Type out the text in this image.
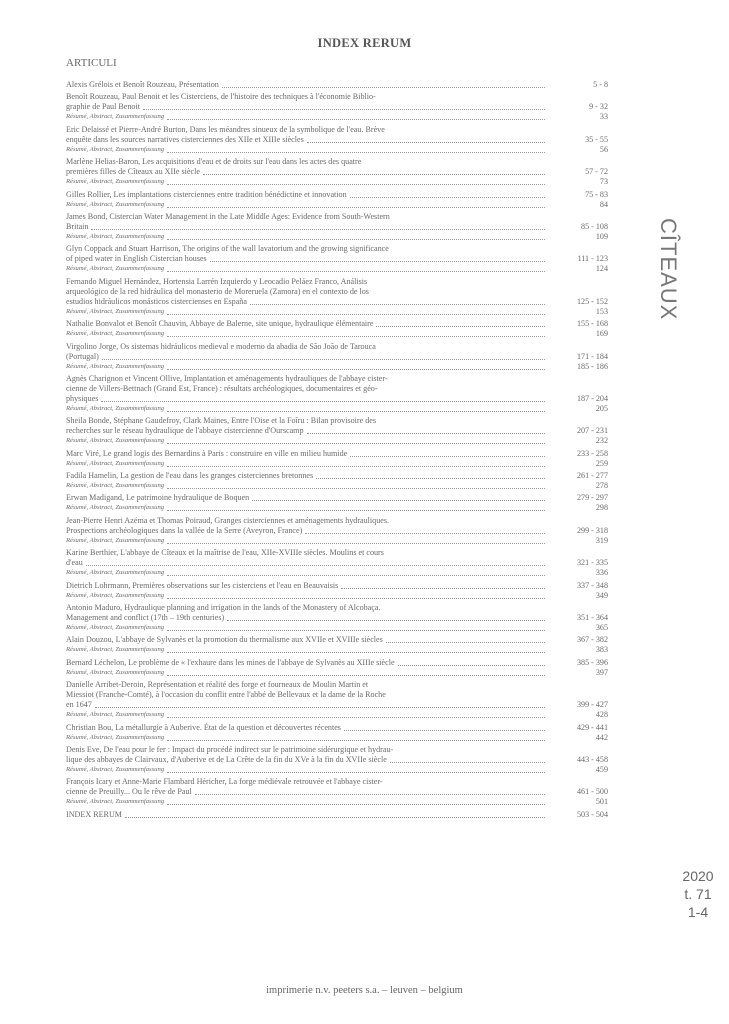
INDEX RERUM
ARTICULI
CÎTEAUX
2020
t. 71
1-4
Alexis Grélois et Benoît Rouzeau, Présentation	5 - 8
Benoît Rouzeau, Paul Benoit et les Cisterciens, de l'histoire des techniques à l'économie Biblio-
graphie de Paul Benoit	9 - 32
Résumé, Abstract, Zusammenfassung	33
Eric Delaissé et Pierre-André Burton, Dans les méandres sinueux de la symbolique de l'eau. Brève
enquête dans les sources narratives cisterciennes des XIIe et XIIIe siècles	35 - 55
Résumé, Abstract, Zusammenfassung	56
Marlène Helias-Baron, Les acquisitions d'eau et de droits sur l'eau dans les actes des quatre
premières filles de Cîteaux au XIIe siècle	57 - 72
Résumé, Abstract, Zusammenfassung	73
Gilles Rollier, Les implantations cisterciennes entre tradition bénédictine et innovation	75 - 83
Résumé, Abstract, Zusammenfassung	84
James Bond, Cistercian Water Management in the Late Middle Ages: Evidence from South-Western
Britain	85 - 108
Résumé, Abstract, Zusammenfassung	109
Glyn Coppack and Stuart Harrison, The origins of the wall lavatorium and the growing significance
of piped water in English Cistercian houses	111 - 123
Résumé, Abstract, Zusammenfassung	124
Fernando Miguel Hernández, Hortensia Larrén Izquierdo y Leocadio Peláez Franco, Análisis
arqueológico de la red hidráulica del monasterio de Moreruela (Zamora) en el contexto de los
estudios hidráulicos monásticos cistercienses en España	125 - 152
Résumé, Abstract, Zusammenfassung	153
Nathalie Bonvalot et Benoît Chauvin, Abbaye de Balerne, site unique, hydraulique élémentaire	155 - 168
Résumé, Abstract, Zusammenfassung	169
Virgolino Jorge, Os sistemas hidráulicos medieval e moderno da abadia de São João de Tarouca
(Portugal)	171 - 184
Résumé, Abstract, Zusammenfassung	185 - 186
Agnès Charignon et Vincent Ollive, Implantation et aménagements hydrauliques de l'abbaye cister-
cienne de Villers-Bettnach (Grand Est, France) : résultats archéologiques, documentaires et géo-
physiques	187 - 204
Résumé, Abstract, Zusammenfassung	205
Sheila Bonde, Stéphane Gaudefroy, Clark Maines, Entre l'Oise et la Foîru : Bilan provisoire des
recherches sur le réseau hydraulique de l'abbaye cistercienne d'Ourscamp	207 - 231
Résumé, Abstract, Zusammenfassung	232
Marc Viré, Le grand logis des Bernardins à Paris : construire en ville en milieu humide	233 - 258
Résumé, Abstract, Zusammenfassung	259
Fadila Hamelin, La gestion de l'eau dans les granges cisterciennes bretonnes	261 - 277
Résumé, Abstract, Zusammenfassung	278
Erwan Madigand, Le patrimoine hydraulique de Boquen	279 - 297
Résumé, Abstract, Zusammenfassung	298
Jean-Pierre Henri Azéma et Thomas Poiraud, Granges cisterciennes et aménagements hydrauliques.
Prospections archéologiques dans la vallée de la Serre (Aveyron, France)	299 - 318
Résumé, Abstract, Zusammenfassung	319
Karine Berthier, L'abbaye de Cîteaux et la maîtrise de l'eau, XIIe-XVIIIe siècles. Moulins et cours
d'eau	321 - 335
Résumé, Abstract, Zusammenfassung	336
Dietrich Lohrmann, Premières observations sur les cisterciens et l'eau en Beauvaisis	337 - 348
Résumé, Abstract, Zusammenfassung	349
Antonio Maduro, Hydraulique planning and irrigation in the lands of the Monastery of Alcobaça.
Management and conflict (17th – 19th centuries)	351 - 364
Résumé, Abstract, Zusammenfassung	365
Alain Douzou, L'abbaye de Sylvanès et la promotion du thermalisme aux XVIIe et XVIIIe siècles	367 - 382
Résumé, Abstract, Zusammenfassung	383
Bernard Léchelon, Le problème de « l'exhaure dans les mines de l'abbaye de Sylvanès au XIIIe siècle	385 - 396
Résumé, Abstract, Zusammenfassung	397
Danielle Arribet-Deroin, Représentation et réalité des forge et fourneaux de Moulin Martin et
Miessiot (Franche-Comté), à l'occasion du conflit entre l'abbé de Bellevaux et la dame de la Roche
en 1647	399 - 427
Résumé, Abstract, Zusammenfassung	428
Christian Bou, La métallurgie à Auberive. État de la question et découvertes récentes	429 - 441
Résumé, Abstract, Zusammenfassung	442
Denis Eve, De l'eau pour le fer : Impact du procédé indirect sur le patrimoine sidérurgique et hydrau-
lique des abbayes de Clairvaux, d'Auberive et de La Crête de la fin du XVe à la fin du XVIIe siècle	443 - 458
Résumé, Abstract, Zusammenfassung	459
François Icary et Anne-Marie Flambard Héricher, La forge médiévale retrouvée et l'abbaye cister-
cienne de Preuilly... Ou le rêve de Paul	461 - 500
Résumé, Abstract, Zusammenfassung	501
INDEX RERUM	503 - 504
imprimerie n.v. peeters s.a. – leuven – belgium
